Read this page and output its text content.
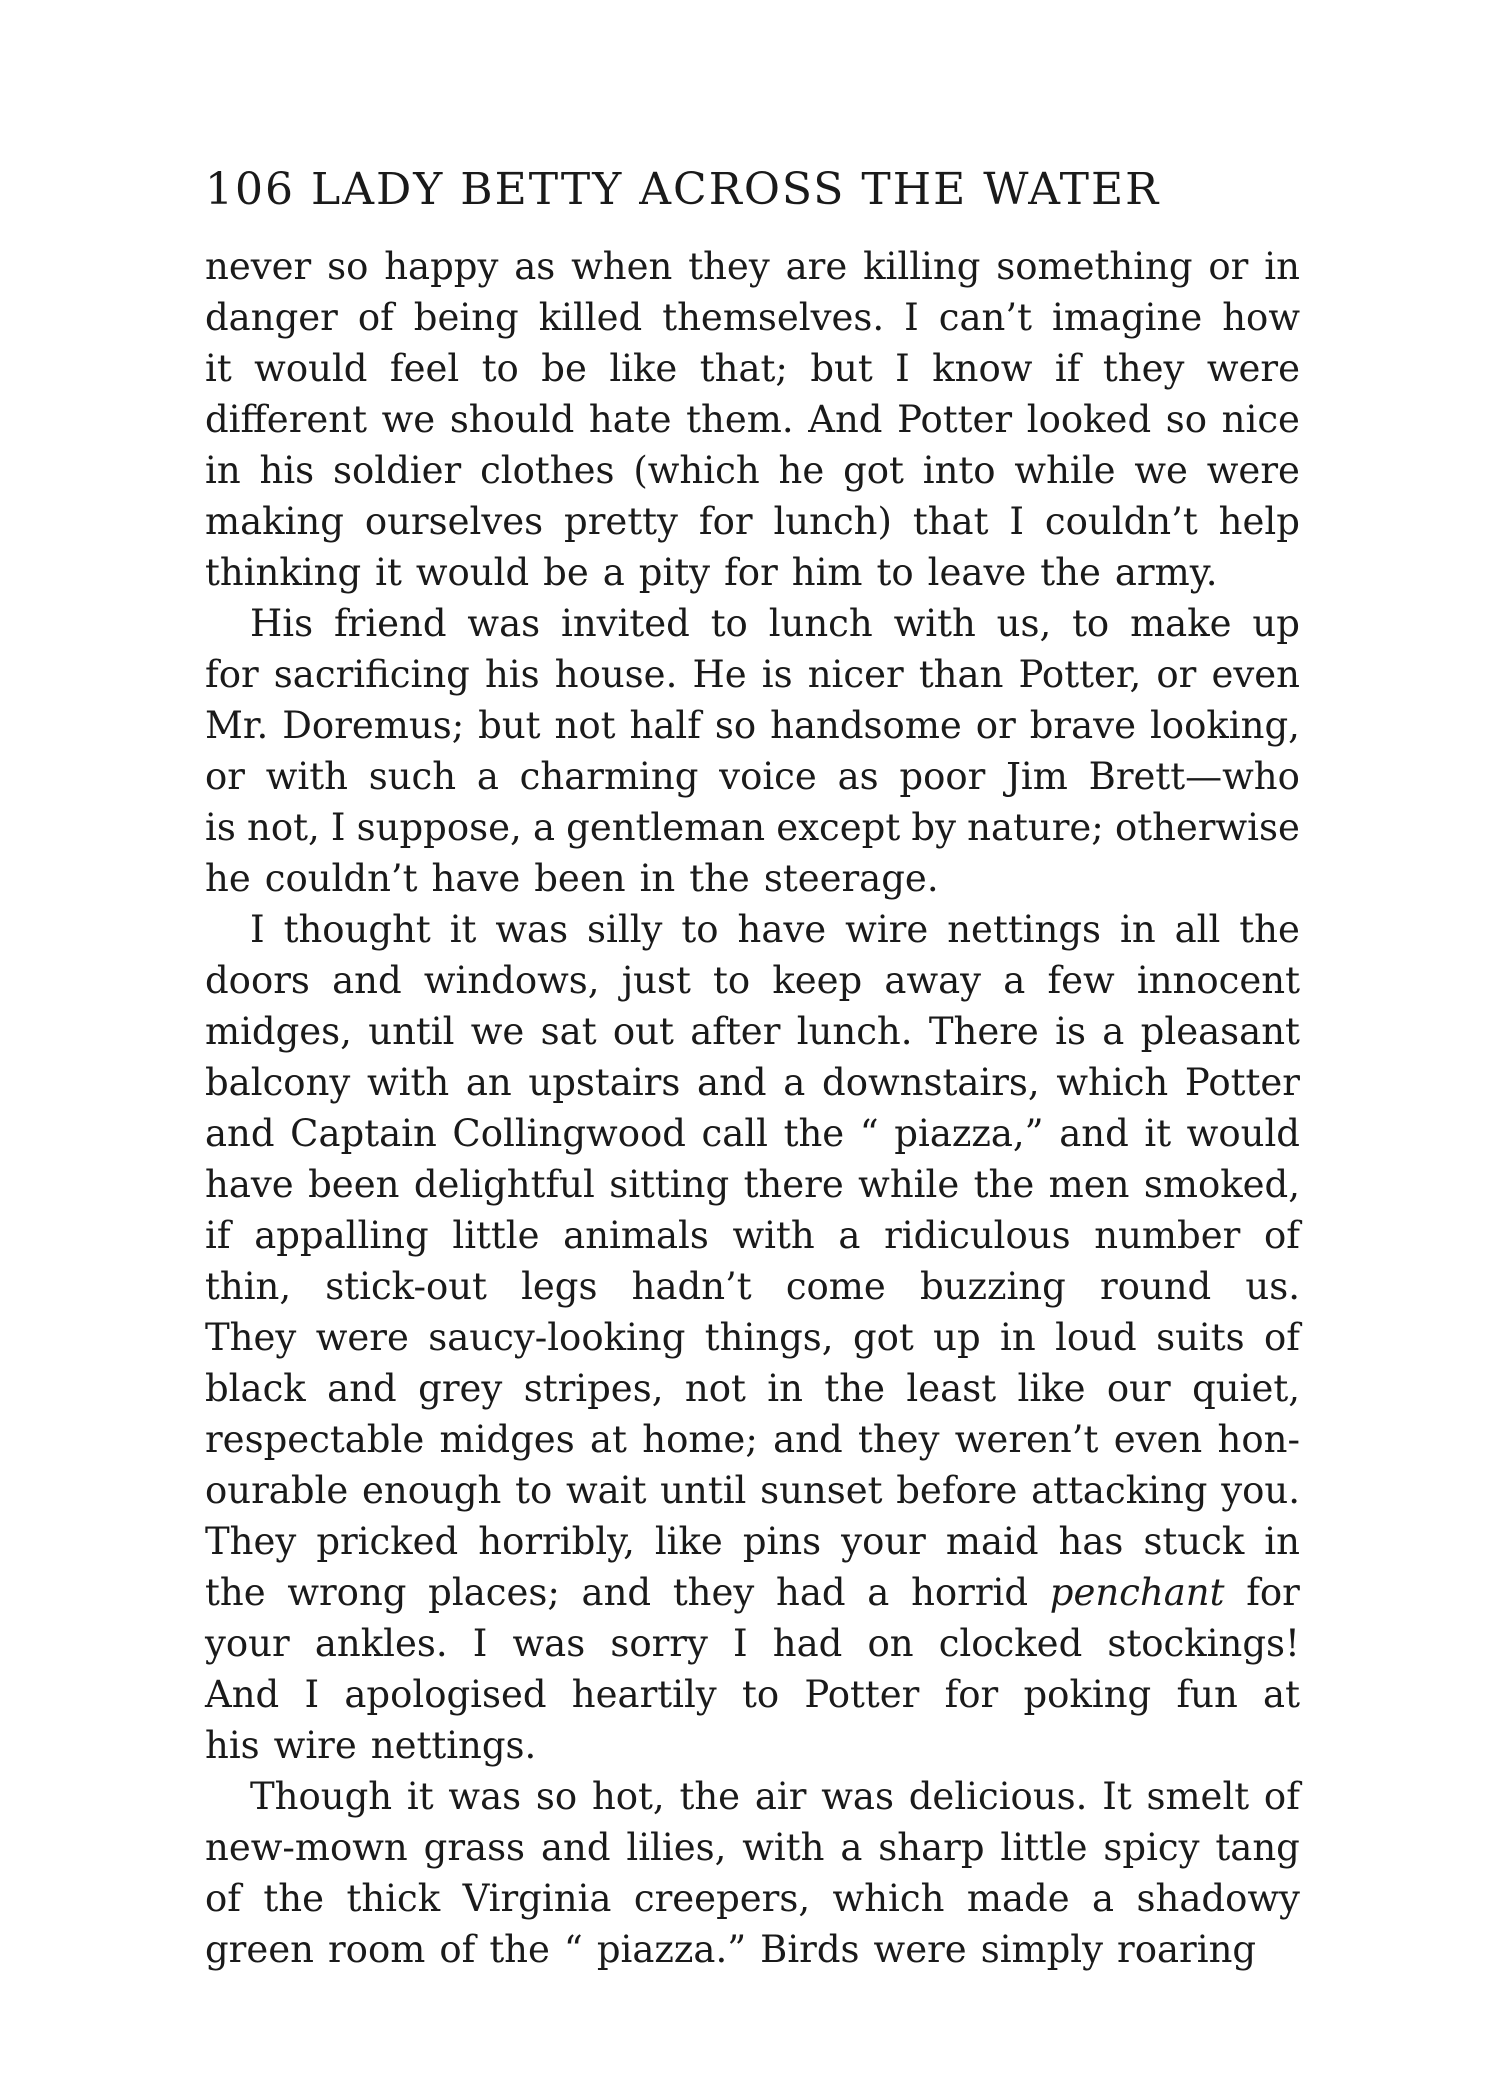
106 LADY BETTY ACROSS THE WATER
never so happy as when they are killing something or in
danger of being killed themselves. I can’t imagine how
it would feel to be like that; but I know if they were
different we should hate them. And Potter looked so nice
in his soldier clothes (which he got into while we were
making ourselves pretty for lunch) that I couldn’t help
thinking it would be a pity for him to leave the army.
His friend was invited to lunch with us, to make up
for sacrificing his house. He is nicer than Potter, or even
Mr. Doremus; but not half so handsome or brave looking,
or with such a charming voice as poor Jim Brett—who
is not, I suppose, a gentleman except by nature; otherwise
he couldn’t have been in the steerage.
I thought it was silly to have wire nettings in all the
doors and windows, just to keep away a few innocent
midges, until we sat out after lunch. There is a pleasant
balcony with an upstairs and a downstairs, which Potter
and Captain Collingwood call the “ piazza,” and it would
have been delightful sitting there while the men smoked,
if appalling little animals with a ridiculous number of
thin, stick-out legs hadn’t come buzzing round us.
They were saucy-looking things, got up in loud suits of
black and grey stripes, not in the least like our quiet,
respectable midges at home; and they weren’t even hon-
ourable enough to wait until sunset before attacking you.
They pricked horribly, like pins your maid has stuck in
the wrong places; and they had a horrid penchant for
your ankles. I was sorry I had on clocked stockings!
And I apologised heartily to Potter for poking fun at
his wire nettings.
Though it was so hot, the air was delicious. It smelt of
new-mown grass and lilies, with a sharp little spicy tang
of the thick Virginia creepers, which made a shadowy
green room of the “ piazza.” Birds were simply roaring
